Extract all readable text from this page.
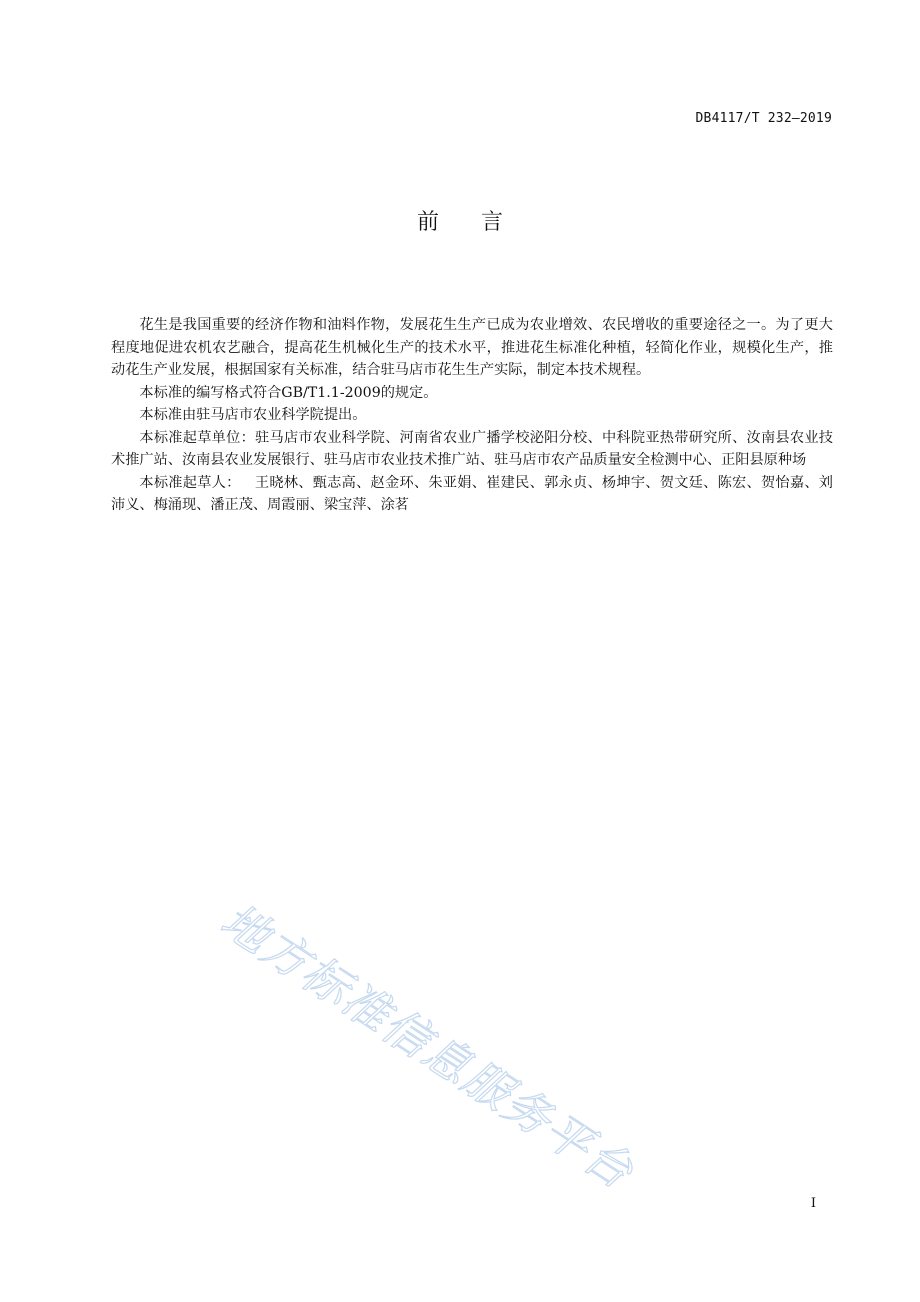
DB4117/T 232—2019
前言

花生是我国重要的经济作物和油料作物，发展花生生产已成为农业增效、农民增收的重要途径之一。为了更大程度地促进农机农艺融合，提高花生机械化生产的技术水平，推进花生标准化种植，轻简化作业，规模化生产，推动花生产业发展，根据国家有关标准，结合驻马店市花生生产实际，制定本技术规程。

本标准的编写格式符合GB/T1.1-2009的规定。

本标准由驻马店市农业科学院提出。

本标准起草单位：驻马店市农业科学院、河南省农业广播学校泌阳分校、中科院亚热带研究所、汝南县农业技术推广站、汝南县农业发展银行、驻马店市农业技术推广站、驻马店市农产品质量安全检测中心、正阳县原种场

本标准起草人： 王晓林、甄志高、赵金环、朱亚娟、崔建民、郭永贞、杨坤宇、贺文廷、陈宏、贺怡嘉、刘沛义、梅涌现、潘正茂、周霞丽、梁宝萍、涂茗

地方标准信息服务平台
I
